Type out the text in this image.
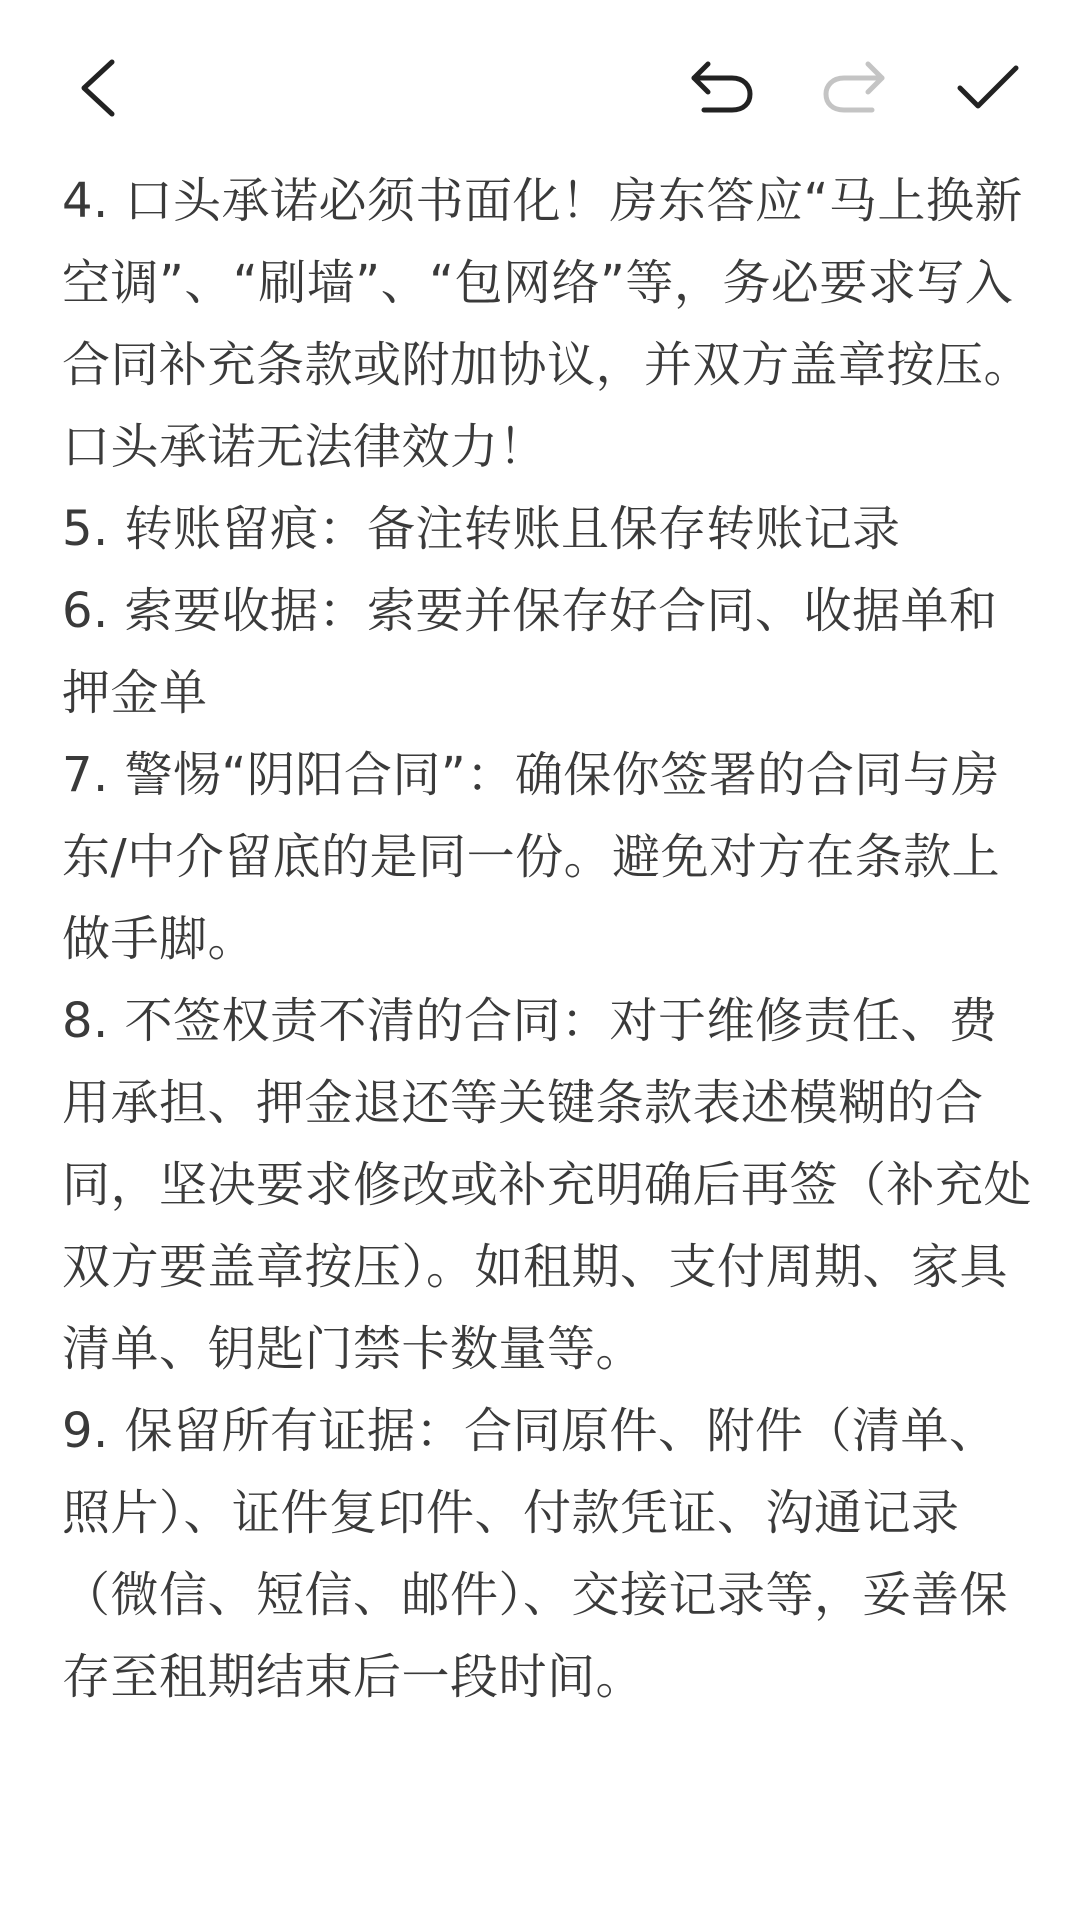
4. 口头承诺必须书面化！房东答应“马上换新空调”、“刷墙”、“包网络”等，务必要求写入合同补充条款或附加协议，并双方盖章按压。口头承诺无法律效力！

5. 转账留痕：备注转账且保存转账记录

6. 索要收据：索要并保存好合同、收据单和押金单

7. 警惕“阴阳合同”：确保你签署的合同与房东/中介留底的是同一份。避免对方在条款上做手脚。

8. 不签权责不清的合同：对于维修责任、费用承担、押金退还等关键条款表述模糊的合同，坚决要求修改或补充明确后再签（补充处双方要盖章按压）。如租期、支付周期、家具清单、钥匙门禁卡数量等。

9. 保留所有证据：合同原件、附件（清单、照片）、证件复印件、付款凭证、沟通记录（微信、短信、邮件）、交接记录等，妥善保存至租期结束后一段时间。
